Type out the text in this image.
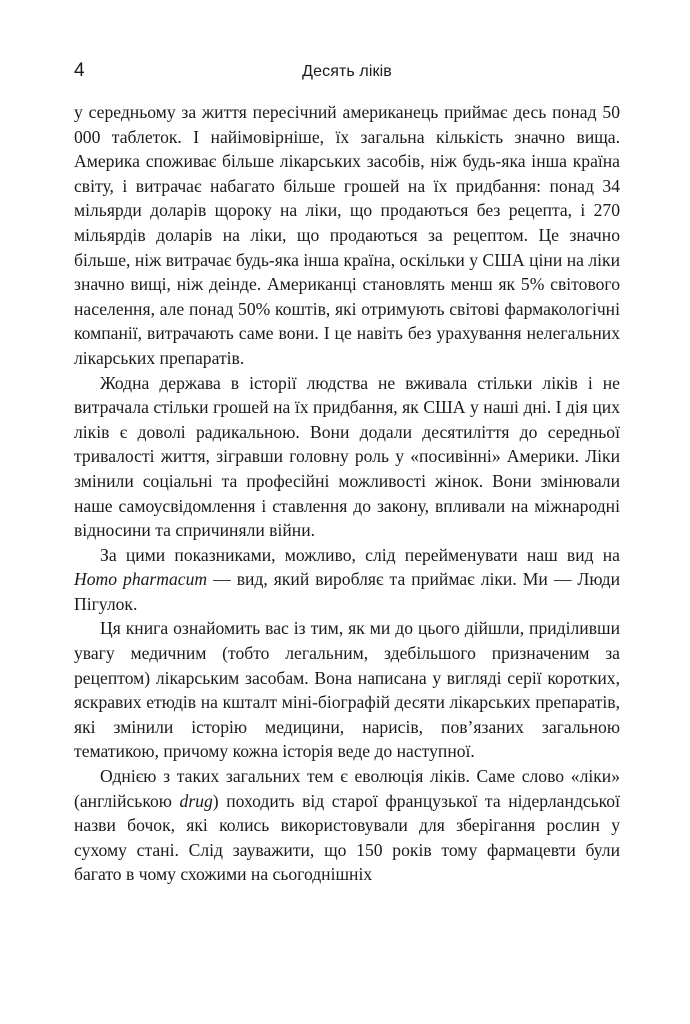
4	Десять ліків

у середньому за життя пересічний американець приймає десь понад 50 000 таблеток. І найімовірніше, їх загальна кількість значно вища. Америка споживає більше лікарських засобів, ніж будь-яка інша країна світу, і витрачає набагато більше грошей на їх придбання: понад 34 мільярди доларів щороку на ліки, що продаються без рецепта, і 270 мільярдів доларів на ліки, що продаються за рецептом. Це значно більше, ніж витрачає будь-яка інша країна, оскільки у США ціни на ліки значно вищі, ніж деінде. Американці становлять менш як 5% світового населення, але понад 50% коштів, які отримують світові фармакологічні компанії, витрачають саме вони. І це навіть без урахування нелегальних лікарських препаратів.

Жодна держава в історії людства не вживала стільки ліків і не витрачала стільки грошей на їх придбання, як США у наші дні. І дія цих ліків є доволі радикальною. Вони додали десятиліття до середньої тривалості життя, зігравши головну роль у «посивінні» Америки. Ліки змінили соціальні та професійні можливості жінок. Вони змінювали наше самоусвідомлення і ставлення до закону, впливали на міжнародні відносини та спричиняли війни.

За цими показниками, можливо, слід перейменувати наш вид на Homo pharmacum — вид, який виробляє та приймає ліки. Ми — Люди Пігулок.

Ця книга ознайомить вас із тим, як ми до цього дійшли, приділивши увагу медичним (тобто легальним, здебільшого призначеним за рецептом) лікарським засобам. Вона написана у вигляді серії коротких, яскравих етюдів на кшталт міні-біографій десяти лікарських препаратів, які змінили історію медицини, нарисів, пов’язаних загальною тематикою, причому кожна історія веде до наступної.

Однією з таких загальних тем є еволюція ліків. Саме слово «ліки» (англійською drug) походить від старої французької та нідерландської назви бочок, які колись використовували для зберігання рослин у сухому стані. Слід зауважити, що 150 років тому фармацевти були багато в чому схожими на сьогоднішніх
